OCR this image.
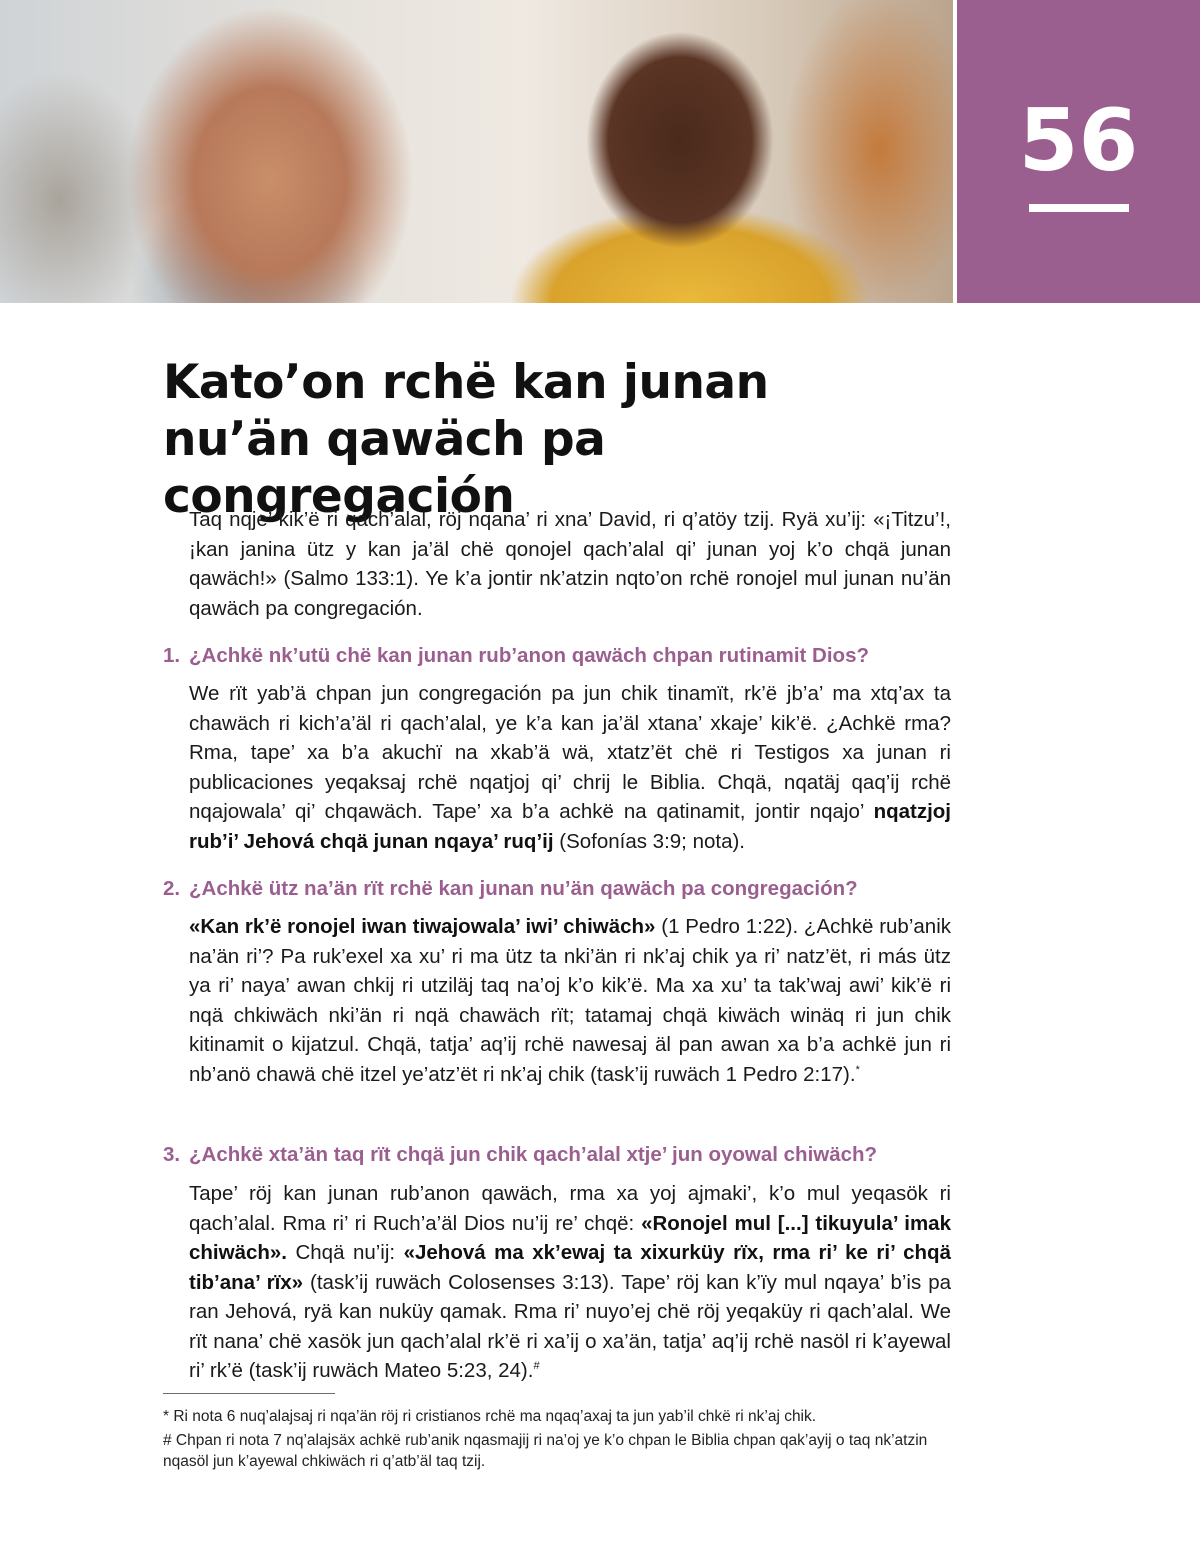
56
Kato’on rchë kan junan nu’än qawäch pa congregación

Taq nqje’ kik’ë ri qach’alal, röj nqana’ ri xna’ David, ri q’atöy tzij. Ryä xu’ij: «¡Titzu’!, ¡kan janina ütz y kan ja’äl chë qonojel qach’alal qi’ junan yoj k’o chqä junan qawäch!» (Salmo 133:1). Ye k’a jontir nk’atzin nqto’on rchë ronojel mul junan nu’än qawäch pa congregación.

1. ¿Achkë nk’utü chë kan junan rub’anon qawäch chpan rutinamit Dios?

We rït yab’ä chpan jun congregación pa jun chik tinamït, rk’ë jb’a’ ma xtq’ax ta chawäch ri kich’a’äl ri qach’alal, ye k’a kan ja’äl xtana’ xkaje’ kik’ë. ¿Achkë rma? Rma, tape’ xa b’a akuchï na xkab’ä wä, xtatz’ët chë ri Testigos xa junan ri publicaciones yeqaksaj rchë nqatjoj qi’ chrij le Biblia. Chqä, nqatäj qaq’ij rchë nqajowala’ qi’ chqawäch. Tape’ xa b’a achkë na qatinamit, jontir nqajo’ nqatzjoj rub’i’ Jehová chqä junan nqaya’ ruq’ij (Sofonías 3:9; nota).

2. ¿Achkë ütz na’än rït rchë kan junan nu’än qawäch pa congregación?

«Kan rk’ë ronojel iwan tiwajowala’ iwi’ chiwäch» (1 Pedro 1:22). ¿Achkë rub’anik na’än ri’? Pa ruk’exel xa xu’ ri ma ütz ta nki’än ri nk’aj chik ya ri’ natz’ët, ri más ütz ya ri’ naya’ awan chkij ri utziläj taq na’oj k’o kik’ë. Ma xa xu’ ta tak’waj awi’ kik’ë ri nqä chkiwäch nki’än ri nqä chawäch rït; tatamaj chqä kiwäch winäq ri jun chik kitinamit o kijatzul. Chqä, tatja’ aq’ij rchë nawesaj äl pan awan xa b’a achkë jun ri nb’anö chawä chë itzel ye’atz’ët ri nk’aj chik (task’ij ruwäch 1 Pedro 2:17).*

3. ¿Achkë xta’än taq rït chqä jun chik qach’alal xtje’ jun oyowal chiwäch?

Tape’ röj kan junan rub’anon qawäch, rma xa yoj ajmaki’, k’o mul yeqasök ri qach’alal. Rma ri’ ri Ruch’a’äl Dios nu’ij re’ chqë: «Ronojel mul [...] tikuyula’ imak chiwäch». Chqä nu’ij: «Jehová ma xk’ewaj ta xixurküy rïx, rma ri’ ke ri’ chqä tib’ana’ rïx» (task’ij ruwäch Colosenses 3:13). Tape’ röj kan k’ïy mul nqaya’ b’is pa ran Jehová, ryä kan nuküy qamak. Rma ri’ nuyo’ej chë röj yeqaküy ri qach’alal. We rït nana’ chë xasök jun qach’alal rk’ë ri xa’ij o xa’än, tatja’ aq’ij rchë nasöl ri k’ayewal ri’ rk’ë (task’ij ruwäch Mateo 5:23, 24).#

* Ri nota 6 nuq’alajsaj ri nqa’än röj ri cristianos rchë ma nqaq’axaj ta jun yab’il chkë ri nk’aj chik.

# Chpan ri nota 7 nq’alajsäx achkë rub’anik nqasmajij ri na’oj ye k’o chpan le Biblia chpan qak’ayij o taq nk’atzin nqasöl jun k’ayewal chkiwäch ri q’atb’äl taq tzij.
